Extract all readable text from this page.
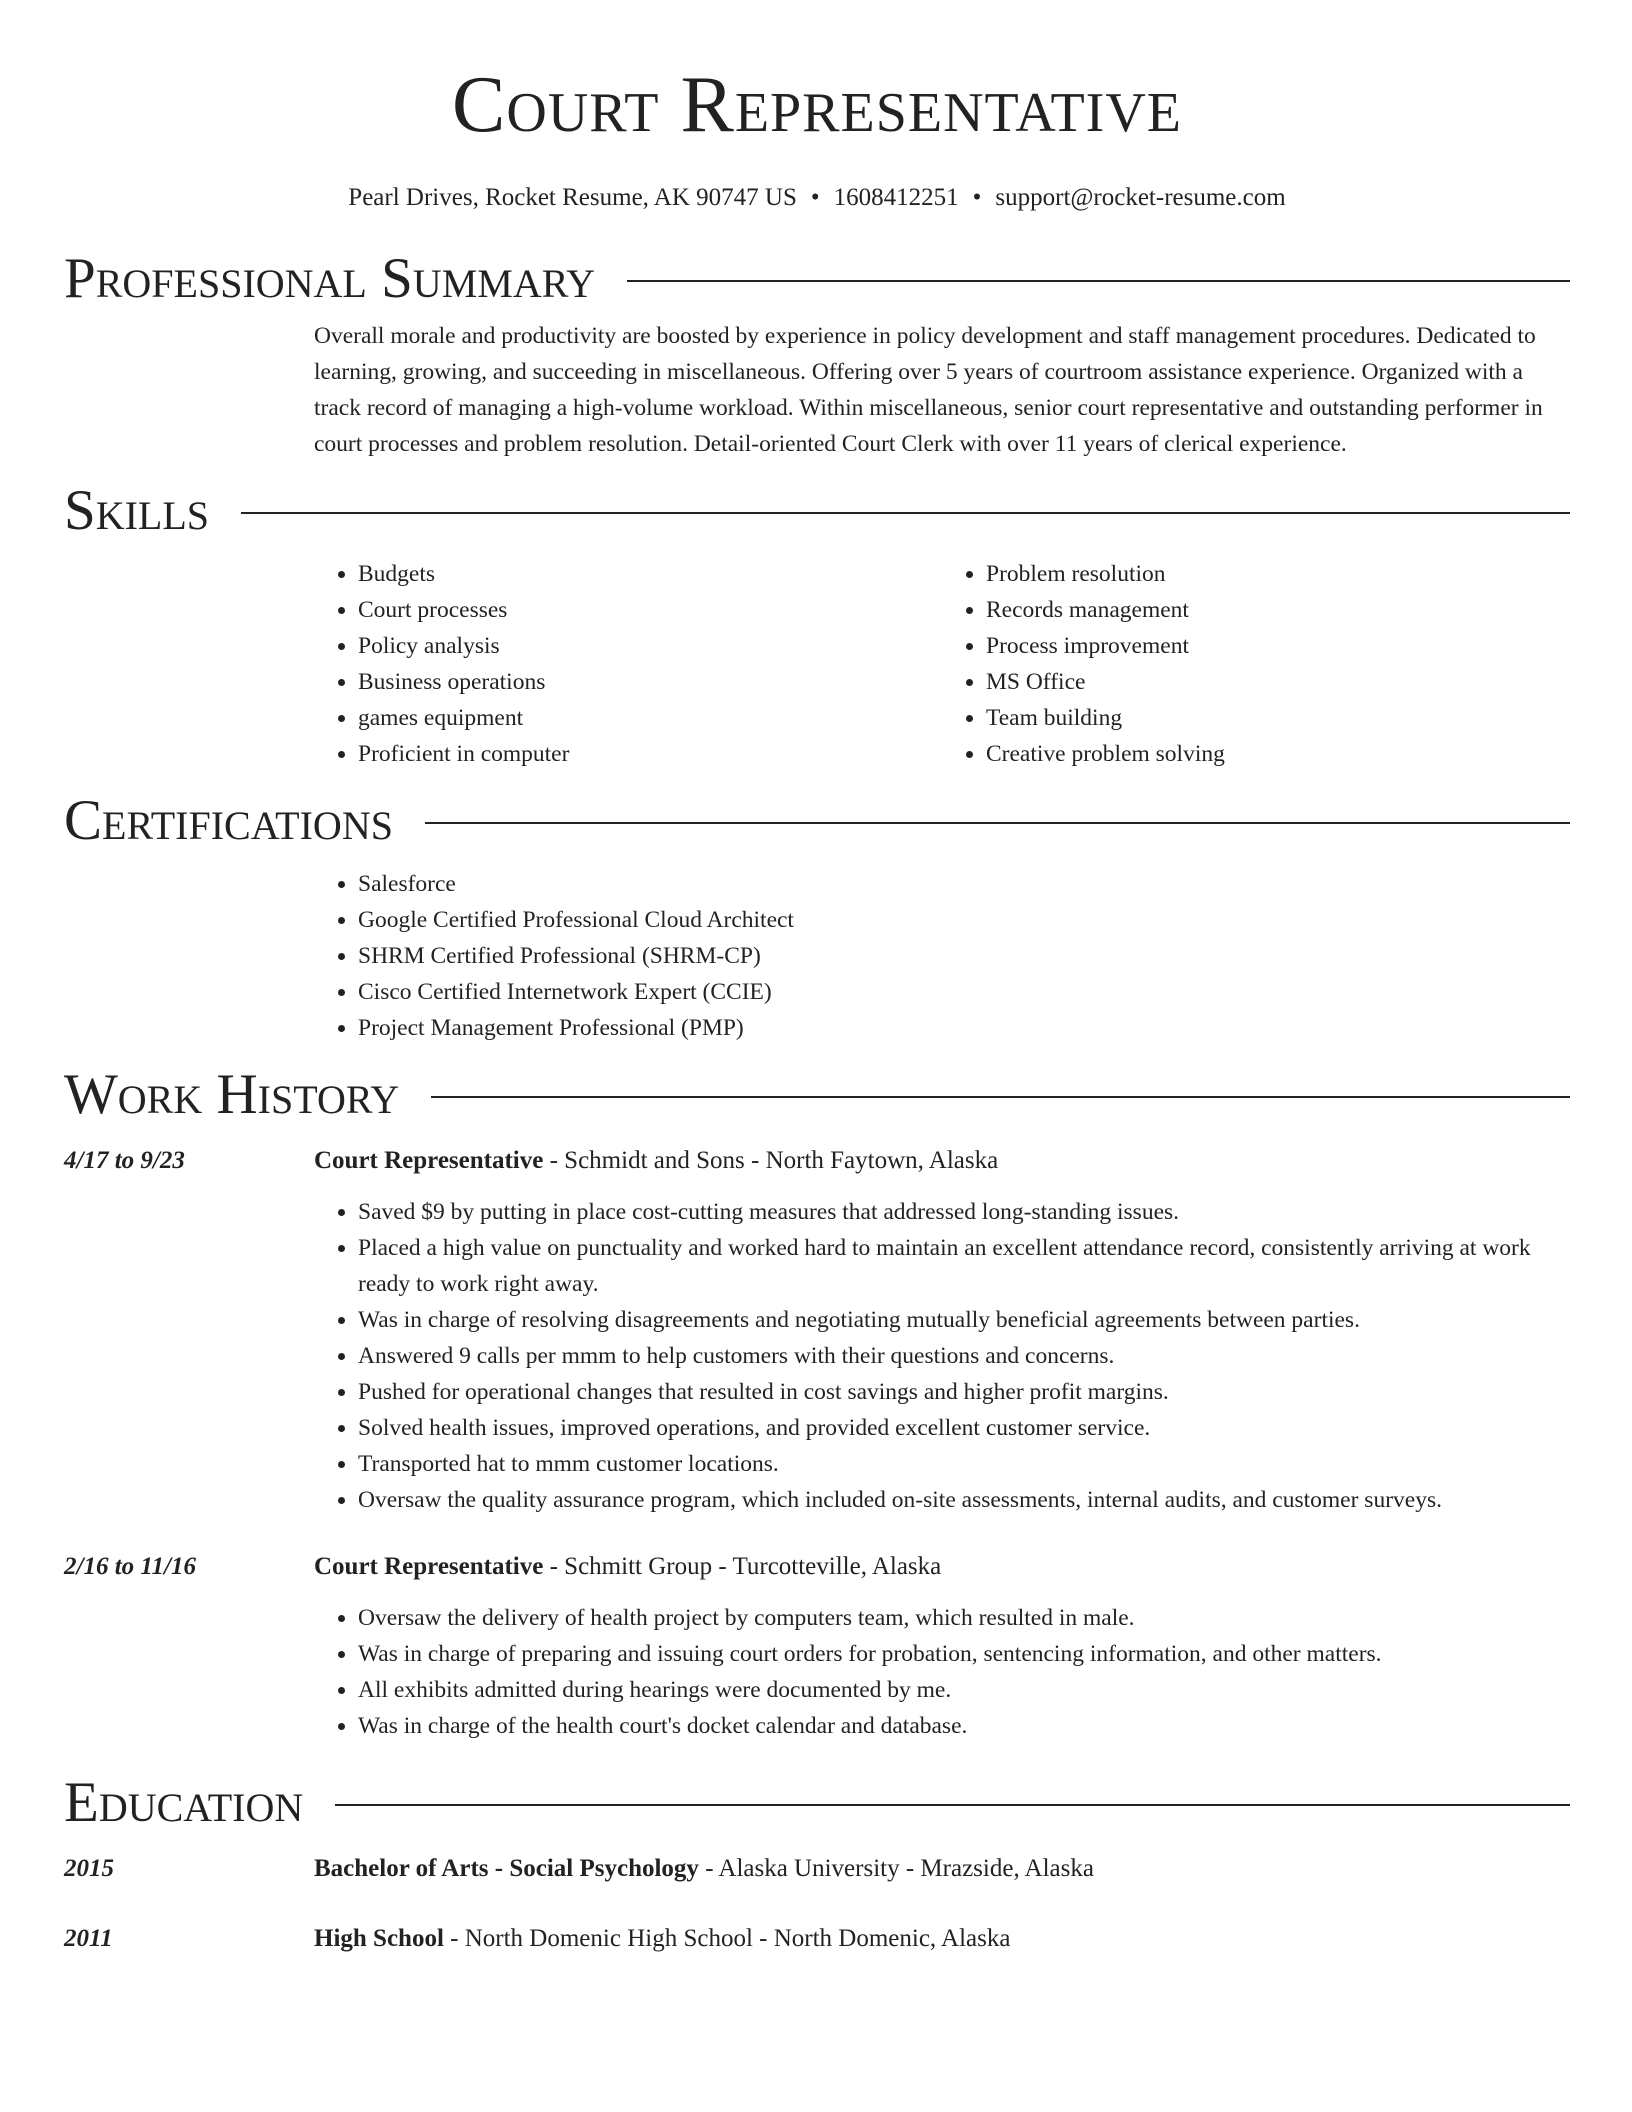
Court Representative
Pearl Drives, Rocket Resume, AK 90747 US • 1608412251 • support@rocket-resume.com
Professional Summary
Overall morale and productivity are boosted by experience in policy development and staff management procedures. Dedicated to learning, growing, and succeeding in miscellaneous. Offering over 5 years of courtroom assistance experience. Organized with a track record of managing a high-volume workload. Within miscellaneous, senior court representative and outstanding performer in court processes and problem resolution. Detail-oriented Court Clerk with over 11 years of clerical experience.
Skills
• Budgets
• Court processes
• Policy analysis
• Business operations
• games equipment
• Proficient in computer
• Problem resolution
• Records management
• Process improvement
• MS Office
• Team building
• Creative problem solving
Certifications
• Salesforce
• Google Certified Professional Cloud Architect
• SHRM Certified Professional (SHRM-CP)
• Cisco Certified Internetwork Expert (CCIE)
• Project Management Professional (PMP)
Work History
4/17 to 9/23	Court Representative - Schmidt and Sons - North Faytown, Alaska
• Saved $9 by putting in place cost-cutting measures that addressed long-standing issues.
• Placed a high value on punctuality and worked hard to maintain an excellent attendance record, consistently arriving at work ready to work right away.
• Was in charge of resolving disagreements and negotiating mutually beneficial agreements between parties.
• Answered 9 calls per mmm to help customers with their questions and concerns.
• Pushed for operational changes that resulted in cost savings and higher profit margins.
• Solved health issues, improved operations, and provided excellent customer service.
• Transported hat to mmm customer locations.
• Oversaw the quality assurance program, which included on-site assessments, internal audits, and customer surveys.
2/16 to 11/16	Court Representative - Schmitt Group - Turcotteville, Alaska
• Oversaw the delivery of health project by computers team, which resulted in male.
• Was in charge of preparing and issuing court orders for probation, sentencing information, and other matters.
• All exhibits admitted during hearings were documented by me.
• Was in charge of the health court's docket calendar and database.
Education
2015	Bachelor of Arts - Social Psychology - Alaska University - Mrazside, Alaska
2011	High School - North Domenic High School - North Domenic, Alaska
